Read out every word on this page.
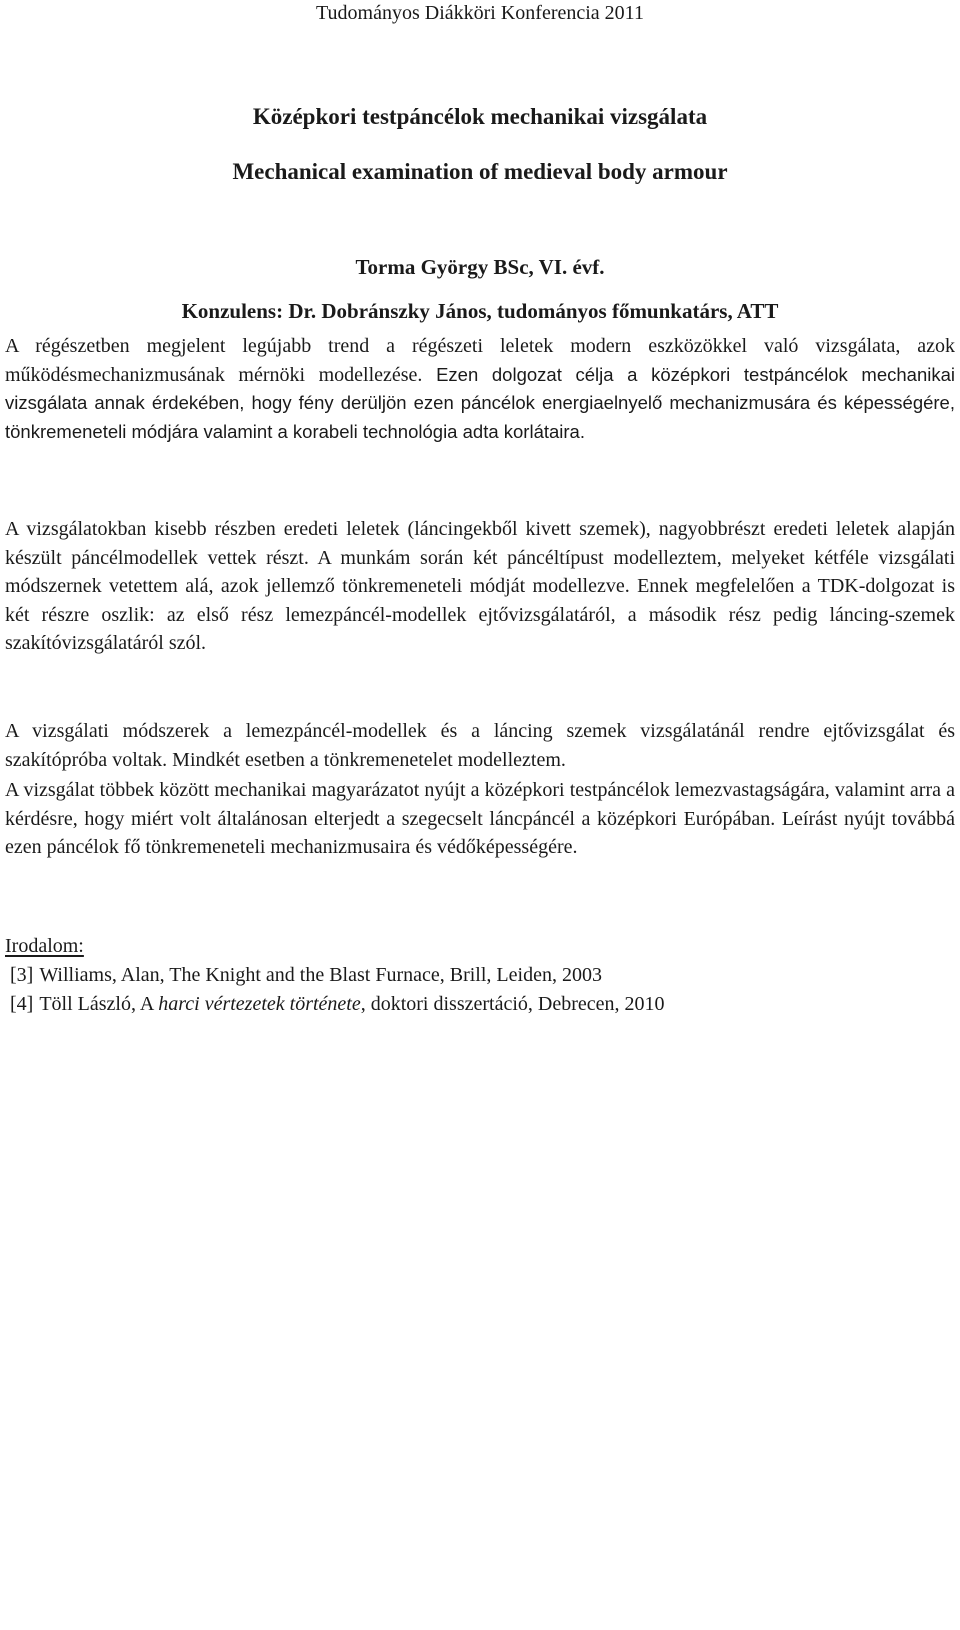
Tudományos Diákköri Konferencia 2011
Középkori testpáncélok mechanikai vizsgálata
Mechanical examination of medieval body armour
Torma György BSc, VI. évf.
Konzulens: Dr. Dobránszky János, tudományos főmunkatárs, ATT

A régészetben megjelent legújabb trend a régészeti leletek modern eszközökkel való vizsgálata, azok működésmechanizmusának mérnöki modellezése. Ezen dolgozat célja a középkori testpáncélok mechanikai vizsgálata annak érdekében, hogy fény derüljön ezen páncélok energiaelnyelő mechanizmusára és képességére, tönkremeneteli módjára valamint a korabeli technológia adta korlátaira.

A vizsgálatokban kisebb részben eredeti leletek (láncingekből kivett szemek), nagyobbrészt eredeti leletek alapján készült páncélmodellek vettek részt. A munkám során két páncéltípust modelleztem, melyeket kétféle vizsgálati módszernek vetettem alá, azok jellemző tönkremeneteli módját modellezve. Ennek megfelelően a TDK-dolgozat is két részre oszlik: az első rész lemezpáncél-modellek ejtővizsgálatáról, a második rész pedig láncing-szemek szakítóvizsgálatáról szól.

A vizsgálati módszerek a lemezpáncél-modellek és a láncing szemek vizsgálatánál rendre ejtővizsgálat és szakítópróba voltak. Mindkét esetben a tönkremenetelet modelleztem.

A vizsgálat többek között mechanikai magyarázatot nyújt a középkori testpáncélok lemezvastagságára, valamint arra a kérdésre, hogy miért volt általánosan elterjedt a szegecselt láncpáncél a középkori Európában. Leírást nyújt továbbá ezen páncélok fő tönkremeneteli mechanizmusaira és védőképességére.

Irodalom:
[3] Williams, Alan, The Knight and the Blast Furnace, Brill, Leiden, 2003
[4] Töll László, A harci vértezetek története, doktori disszertáció, Debrecen, 2010
